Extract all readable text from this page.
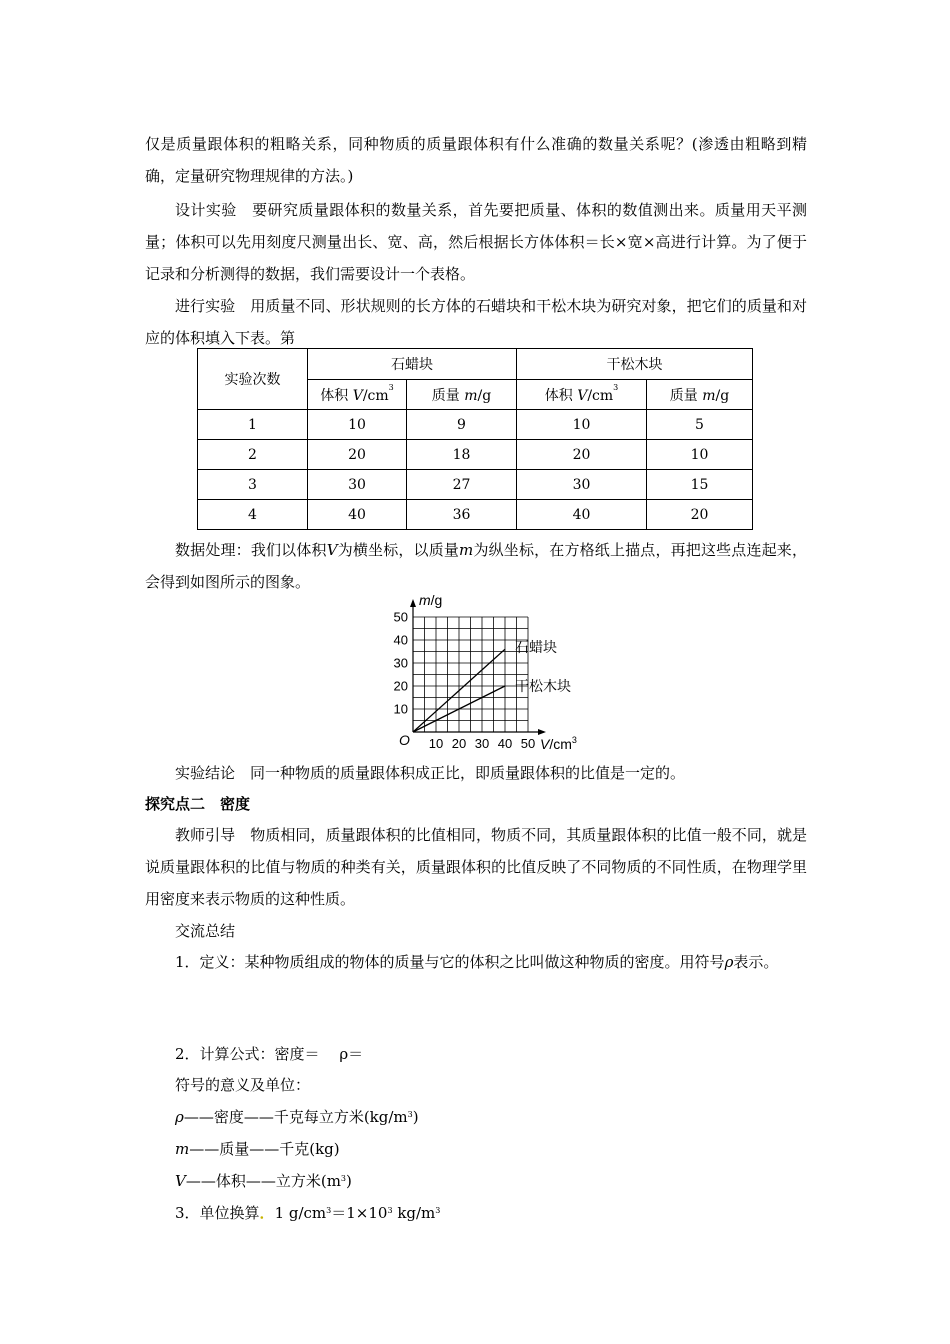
仅是质量跟体积的粗略关系，同种物质的质量跟体积有什么准确的数量关系呢？(渗透由粗略到精确，定量研究物理规律的方法。)

设计实验　要研究质量跟体积的数量关系，首先要把质量、体积的数值测出来。质量用天平测量；体积可以先用刻度尺测量出长、宽、高，然后根据长方体体积＝长×宽×高进行计算。为了便于记录和分析测得的数据，我们需要设计一个表格。

进行实验　用质量不同、形状规则的长方体的石蜡块和干松木块为研究对象，把它们的质量和对应的体积填入下表。第

实验次数	石蜡块		干松木块	
	体积 $V/cm^3$	质量 m/g	体积 $V/cm^3$	质量 m/g
1	10	9	10	5
2	20	18	20	10
3	30	27	30	15
4	40	36	40	20

数据处理：我们以体积V为横坐标，以质量m为纵坐标，在方格纸上描点，再把这些点连起来，会得到如图所示的图象。

10
20
30
40
50
10 20 30 40 50
O
石蜡块
干松木块
m/g
$V/cm^3$
实验结论　同一种物质的质量跟体积成正比，即质量跟体积的比值是一定的。
探究点二　密度

教师引导　物质相同，质量跟体积的比值相同，物质不同，其质量跟体积的比值一般不同，就是说质量跟体积的比值与物质的种类有关，质量跟体积的比值反映了不同物质的不同性质，在物理学里用密度来表示物质的这种性质。

交流总结

1．定义：某种物质组成的物体的质量与它的体积之比叫做这种物质的密度。用符号ρ表示。

2．计算公式：密度＝　 ρ＝
符号的意义及单位：
ρ——密度——千克每立方米$(kg/m^3)$
m——质量——千克(kg)
V——体积——立方米$(m^3)$
3．单位换算．1 $g/cm^3=1\times 10^3$ $kg/m^3$
